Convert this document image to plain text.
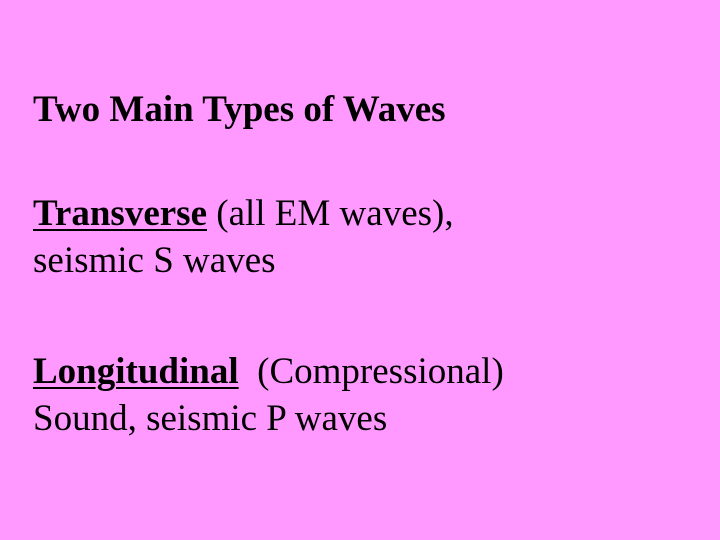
Two Main Types of Waves
Transverse (all EM waves),
seismic S waves
Longitudinal  (Compressional)
Sound, seismic P waves
